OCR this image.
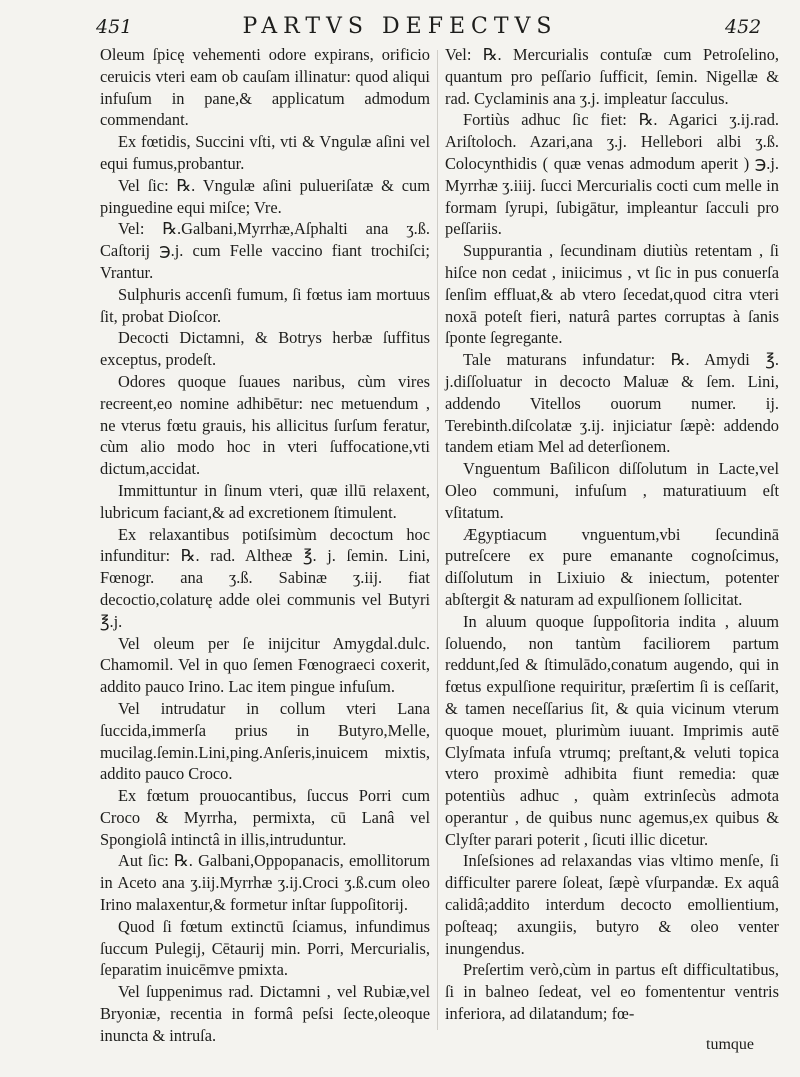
451	PARTVS DEFECTVS	452

Oleum ſpicę vehementi odore expirans, orificio ceruicis vteri eam ob cauſam illinatur: quod aliqui infuſum in pane,& applicatum admodum commendant.

Ex fœtidis, Succini vſti, vti & Vngulæ aſini vel equi fumus,probantur.

Vel ſic: ℞. Vngulæ aſini pulueriſatæ & cum pinguedine equi miſce; Vre.

Vel: ℞.Galbani,Myrrhæ,Aſphalti ana ʒ.ß. Caſtorij ℈.j. cum Felle vaccino fiant trochiſci; Vrantur.

Sulphuris accenſi fumum, ſi fœtus iam mortuus ſit, probat Dioſcor.

Decocti Dictamni, & Botrys herbæ ſuffitus exceptus, prodeſt.

Odores quoque ſuaues naribus, cùm vires recreent,eo nomine adhibētur: nec metuendum , ne vterus fœtu grauis, his allicitus ſurſum feratur, cùm alio modo hoc in vteri ſuffocatione,vti dictum,accidat.

Immittuntur in ſinum vteri, quæ illū relaxent, lubricum faciant,& ad excretionem ſtimulent.

Ex relaxantibus potiſsimùm decoctum hoc infunditur: ℞. rad. Altheæ ℥. j. ſemin. Lini, Fœnogr. ana ʒ.ß. Sabinæ ʒ.iij. fiat decoctio,colaturę adde olei communis vel Butyri ℥.j.

Vel oleum per ſe inijcitur Amygdal.dulc. Chamomil. Vel in quo ſemen Fœnograeci coxerit, addito pauco Irino. Lac item pingue infuſum.

Vel intrudatur in collum vteri Lana ſuccida,immerſa prius in Butyro,Melle, mucilag.ſemin.Lini,ping.Anſeris,inuicem mixtis, addito pauco Croco.

Ex fœtum prouocantibus, ſuccus Porri cum Croco & Myrrha, permixta, cū Lanâ vel Spongiolâ intinctâ in illis,intruduntur.

Aut ſic: ℞. Galbani,Oppopanacis, emollitorum in Aceto ana ʒ.iij.Myrrhæ ʒ.ij.Croci ʒ.ß.cum oleo Irino malaxentur,& formetur inſtar ſuppoſitorij.

Quod ſi fœtum extinctū ſciamus, infundimus ſuccum Pulegij, Cētaurij min. Porri, Mercurialis, ſeparatim inuicēmve pmixta.

Vel ſuppenimus rad. Dictamni , vel Rubiæ,vel Bryoniæ, recentia in formâ peſsi ſecte,oleoque inuncta & intruſa.

Vel: ℞. Mercurialis contuſæ cum Petroſelino, quantum pro peſſario ſufficit, ſemin. Nigellæ & rad. Cyclaminis ana ʒ.j. impleatur ſacculus.

Fortiùs adhuc ſic fiet: ℞. Agarici ʒ.ij.rad. Ariſtoloch. Azari,ana ʒ.j. Hellebori albi ʒ.ß. Colocynthidis ( quæ venas admodum aperit ) ℈.j. Myrrhæ ʒ.iiij. ſucci Mercurialis cocti cum melle in formam ſyrupi, ſubigātur, impleantur ſacculi pro peſſariis.

Suppurantia , ſecundinam diutiùs retentam , ſi hiſce non cedat , iniicimus , vt ſic in pus conuerſa ſenſim effluat,& ab vtero ſecedat,quod citra vteri noxā poteſt fieri, naturâ partes corruptas à ſanis ſponte ſegregante.

Tale maturans infundatur: ℞. Amydi ℥. j.diſſoluatur in decocto Maluæ & ſem. Lini, addendo Vitellos ouorum numer. ij. Terebinth.diſcolatæ ʒ.ij. injiciatur ſæpè: addendo tandem etiam Mel ad deterſionem.

Vnguentum Baſilicon diſſolutum in Lacte,vel Oleo communi, infuſum , maturatiuum eſt vſitatum.

Ægyptiacum vnguentum,vbi ſecundinā putreſcere ex pure emanante cognoſcimus, diſſolutum in Lixiuio & iniectum, potenter abſtergit & naturam ad expulſionem ſollicitat.

In aluum quoque ſuppoſitoria indita , aluum ſoluendo, non tantùm faciliorem partum reddunt,ſed & ſtimulādo,conatum augendo, qui in fœtus expulſione requiritur, præſertim ſi is ceſſarit, & tamen neceſſarius ſit, & quia vicinum vterum quoque mouet, plurimùm iuuant. Imprimis autē Clyſmata infuſa vtrumq; preſtant,& veluti topica vtero proximè adhibita fiunt remedia: quæ potentiùs adhuc , quàm extrinſecùs admota operantur , de quibus nunc agemus,ex quibus & Clyſter parari poterit , ſicuti illic dicetur.

Inſeſsiones ad relaxandas vias vltimo menſe, ſi difficulter parere ſoleat, ſæpè vſurpandæ. Ex aquâ calidâ;addito interdum decocto emollientium, poſteaq; axungiis, butyro & oleo venter inungendus.

Preſertim verò,cùm in partus eſt difficultatibus, ſi in balneo ſedeat, vel eo fomententur ventris inferiora, ad dilatandum; fœ-

tumque
